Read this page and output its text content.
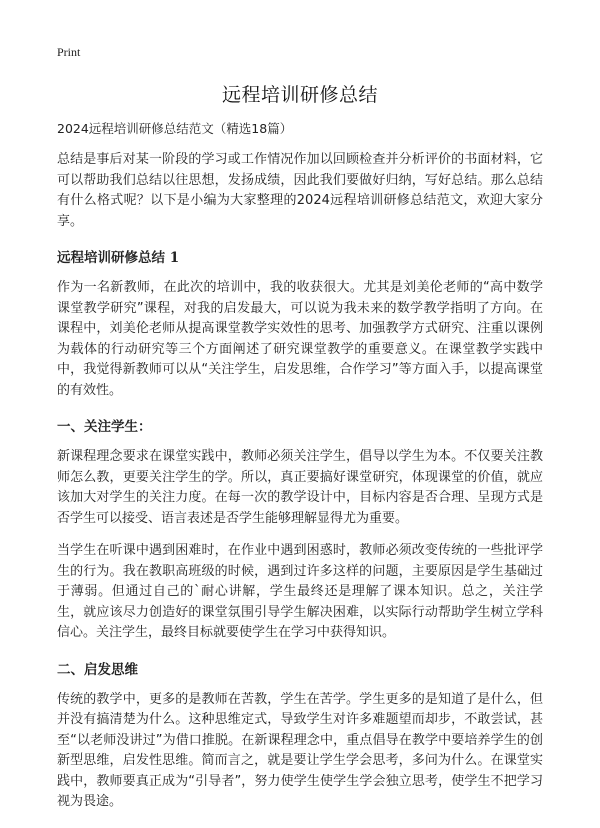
Print
远程培训研修总结

2024远程培训研修总结范文（精选18篇）

总结是事后对某一阶段的学习或工作情况作加以回顾检查并分析评价的书面材料，它可以帮助我们总结以往思想，发扬成绩，因此我们要做好归纳，写好总结。那么总结有什么格式呢？以下是小编为大家整理的2024远程培训研修总结范文，欢迎大家分享。

远程培训研修总结 1

作为一名新教师，在此次的培训中，我的收获很大。尤其是刘美伦老师的“高中数学课堂教学研究”课程，对我的启发最大，可以说为我未来的数学教学指明了方向。在课程中，刘美伦老师从提高课堂教学实效性的思考、加强教学方式研究、注重以课例为载体的行动研究等三个方面阐述了研究课堂教学的重要意义。在课堂教学实践中中，我觉得新教师可以从“关注学生，启发思维，合作学习”等方面入手，以提高课堂的有效性。

一、关注学生：

新课程理念要求在课堂实践中，教师必须关注学生，倡导以学生为本。不仅要关注教师怎么教，更要关注学生的学。所以，真正要搞好课堂研究，体现课堂的价值，就应该加大对学生的关注力度。在每一次的教学设计中，目标内容是否合理、呈现方式是否学生可以接受、语言表述是否学生能够理解显得尤为重要。

当学生在听课中遇到困难时，在作业中遇到困惑时，教师必须改变传统的一些批评学生的行为。我在教职高班级的时候，遇到过许多这样的问题，主要原因是学生基础过于薄弱。但通过自己的`耐心讲解，学生最终还是理解了课本知识。总之，关注学生，就应该尽力创造好的课堂氛围引导学生解决困难，以实际行动帮助学生树立学科信心。关注学生，最终目标就要使学生在学习中获得知识。

二、启发思维

传统的教学中，更多的是教师在苦教，学生在苦学。学生更多的是知道了是什么，但并没有搞清楚为什么。这种思维定式，导致学生对许多难题望而却步，不敢尝试，甚至“以老师没讲过”为借口推脱。在新课程理念中，重点倡导在教学中要培养学生的创新型思维，启发性思维。简而言之，就是要让学生学会思考，多问为什么。在课堂实践中，教师要真正成为“引导者”，努力使学生使学生学会独立思考，使学生不把学习视为畏途。
